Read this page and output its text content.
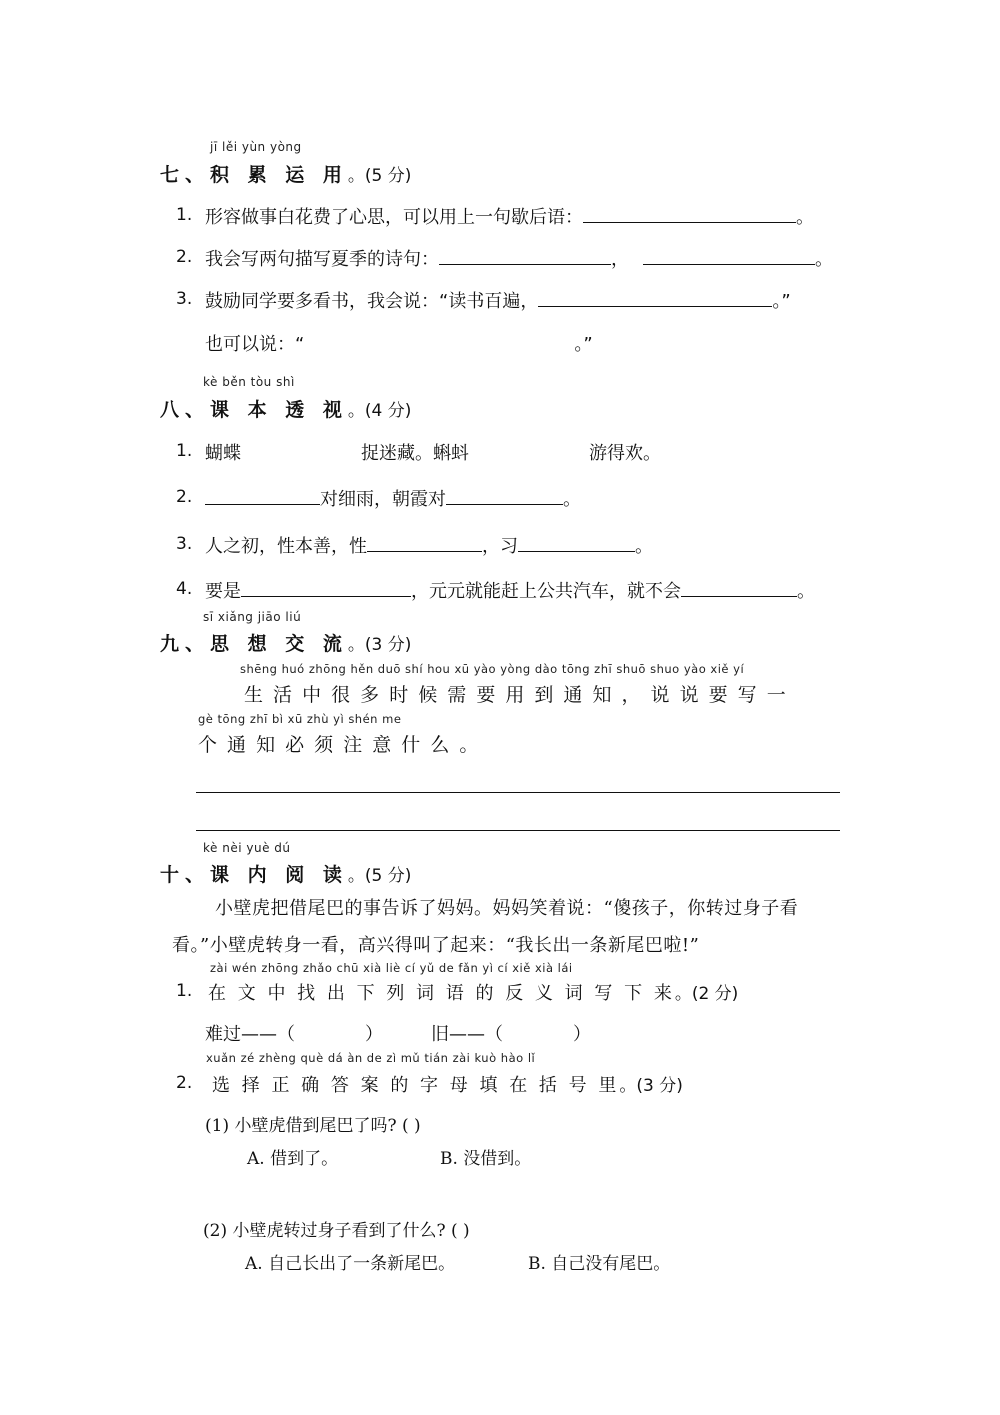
jī lěi yùn yòng
七、积 累 运 用。(5 分)
1. 形容做事白花费了心思，可以用上一句歇后语：	。
2. 我会写两句描写夏季的诗句：	，	。
3. 鼓励同学要多看书，我会说：“读书百遍，	。”
也可以说：“	。”
kè běn tòu shì
八、课 本 透 视。(4 分)
1. 蝴蝶	捉迷藏。蝌蚪	游得欢。
2.	对细雨，朝霞对	。
3. 人之初，性本善，性	，习	。
4. 要是	，元元就能赶上公共汽车，就不会	。
sī xiǎng jiāo liú
九、思 想 交 流。(3 分)
shēng huó zhōng hěn duō shí hou xū yào yòng dào tōng zhī shuō shuo yào xiě yí
生 活 中 很 多 时 候 需 要 用 到 通 知 ， 说 说 要 写 一
gè tōng zhī bì xū zhù yì shén me
个 通 知 必 须 注 意 什 么 。
kè nèi yuè dú
十、课 内 阅 读。(5 分)
小壁虎把借尾巴的事告诉了妈妈。妈妈笑着说：“傻孩子，你转过身子看
看。”小壁虎转身一看，高兴得叫了起来：“我长出一条新尾巴啦!”
zài wén zhōng zhǎo chū xià liè cí yǔ de fǎn yì cí xiě xià lái
1. 在 文 中 找 出 下 列 词 语 的 反 义 词 写 下 来。(2 分)
难过——（	）	旧——（	）
xuǎn zé zhèng què dá àn de zì mǔ tián zài kuò hào lǐ
2. 选 择 正 确 答 案 的 字 母 填 在 括 号 里。(3 分)
(1) 小壁虎借到尾巴了吗? ( )
A. 借到了。	B. 没借到。
(2) 小壁虎转过身子看到了什么? ( )
A. 自己长出了一条新尾巴。	B. 自己没有尾巴。
